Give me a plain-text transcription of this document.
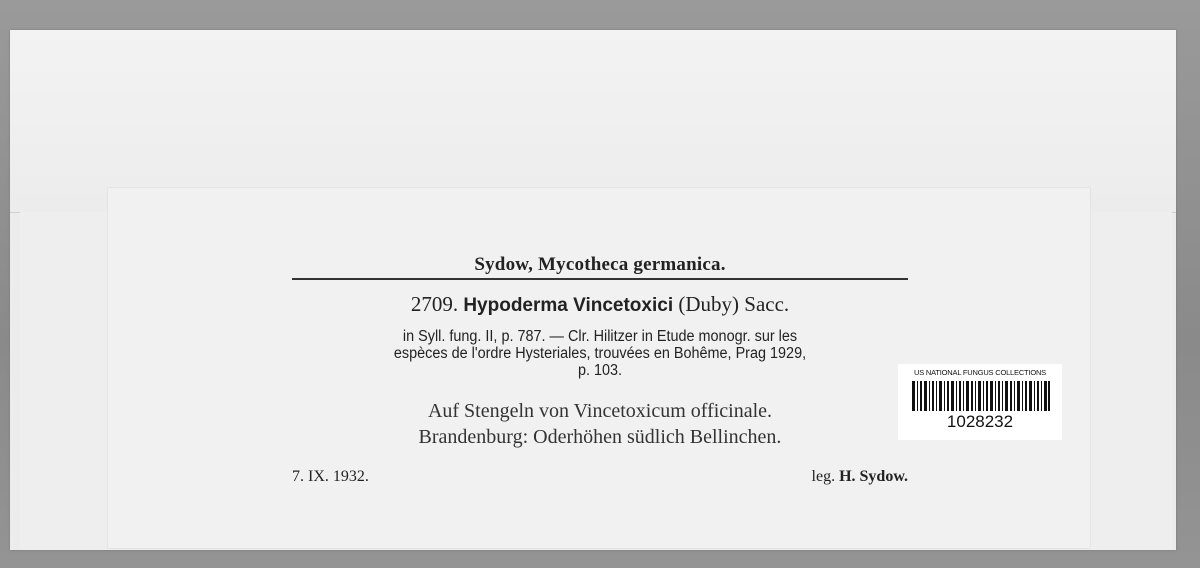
Sydow, Mycotheca germanica.
2709. Hypoderma Vincetoxici (Duby) Sacc.
in Syll. fung. II, p. 787. — Clr. Hilitzer in Etude monogr. sur les
espèces de l'ordre Hysteriales, trouvées en Bohême, Prag 1929,
p. 103.
Auf Stengeln von Vincetoxicum officinale.
Brandenburg: Oderhöhen südlich Bellinchen.
7. IX. 1932.	leg. H. Sydow.
US NATIONAL FUNGUS COLLECTIONS
1028232
